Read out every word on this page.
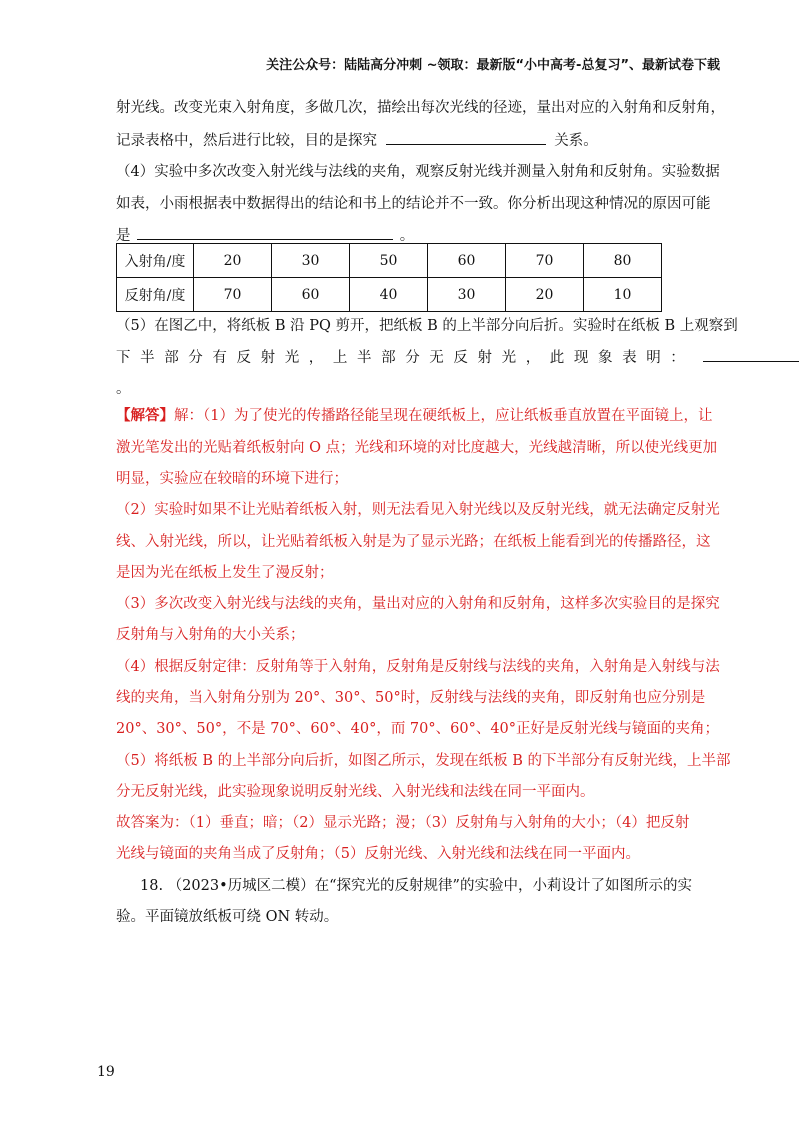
关注公众号：陆陆高分冲刺 ~领取：最新版“小中高考-总复习”、最新试卷下载
射光线。改变光束入射角度，多做几次，描绘出每次光线的径迹，量出对应的入射角和反射角，
记录表格中，然后进行比较，目的是探究	关系。
（4）实验中多次改变入射光线与法线的夹角，观察反射光线并测量入射角和反射角。实验数据
如表，小雨根据表中数据得出的结论和书上的结论并不一致。你分析出现这种情况的原因可能
是	。
入射角/度	20	30	50	60	70	80
反射角/度	70	60	40	30	20	10
（5）在图乙中，将纸板 B 沿 PQ 剪开，把纸板 B 的上半部分向后折。实验时在纸板 B 上观察到
下半部分有反射光，上半部分无反射光，此现象表明：
。
【解答】解：（1）为了使光的传播路径能呈现在硬纸板上，应让纸板垂直放置在平面镜上，让
激光笔发出的光贴着纸板射向 O 点；光线和环境的对比度越大，光线越清晰，所以使光线更加
明显，实验应在较暗的环境下进行；
（2）实验时如果不让光贴着纸板入射，则无法看见入射光线以及反射光线，就无法确定反射光
线、入射光线，所以，让光贴着纸板入射是为了显示光路；在纸板上能看到光的传播路径，这
是因为光在纸板上发生了漫反射；
（3）多次改变入射光线与法线的夹角，量出对应的入射角和反射角，这样多次实验目的是探究
反射角与入射角的大小关系；
（4）根据反射定律：反射角等于入射角，反射角是反射线与法线的夹角，入射角是入射线与法
线的夹角，当入射角分别为 20°、30°、50°时，反射线与法线的夹角，即反射角也应分别是
20°、30°、50°，不是 70°、60°、40°，而 70°、60°、40°正好是反射光线与镜面的夹角；
（5）将纸板 B 的上半部分向后折，如图乙所示，发现在纸板 B 的下半部分有反射光线，上半部
分无反射光线，此实验现象说明反射光线、入射光线和法线在同一平面内。
故答案为：（1）垂直；暗；（2）显示光路；漫；（3）反射角与入射角的大小；（4）把反射
光线与镜面的夹角当成了反射角；（5）反射光线、入射光线和法线在同一平面内。
18. （2023•历城区二模）在“探究光的反射规律”的实验中，小莉设计了如图所示的实
验。平面镜放纸板可绕 ON 转动。
19
